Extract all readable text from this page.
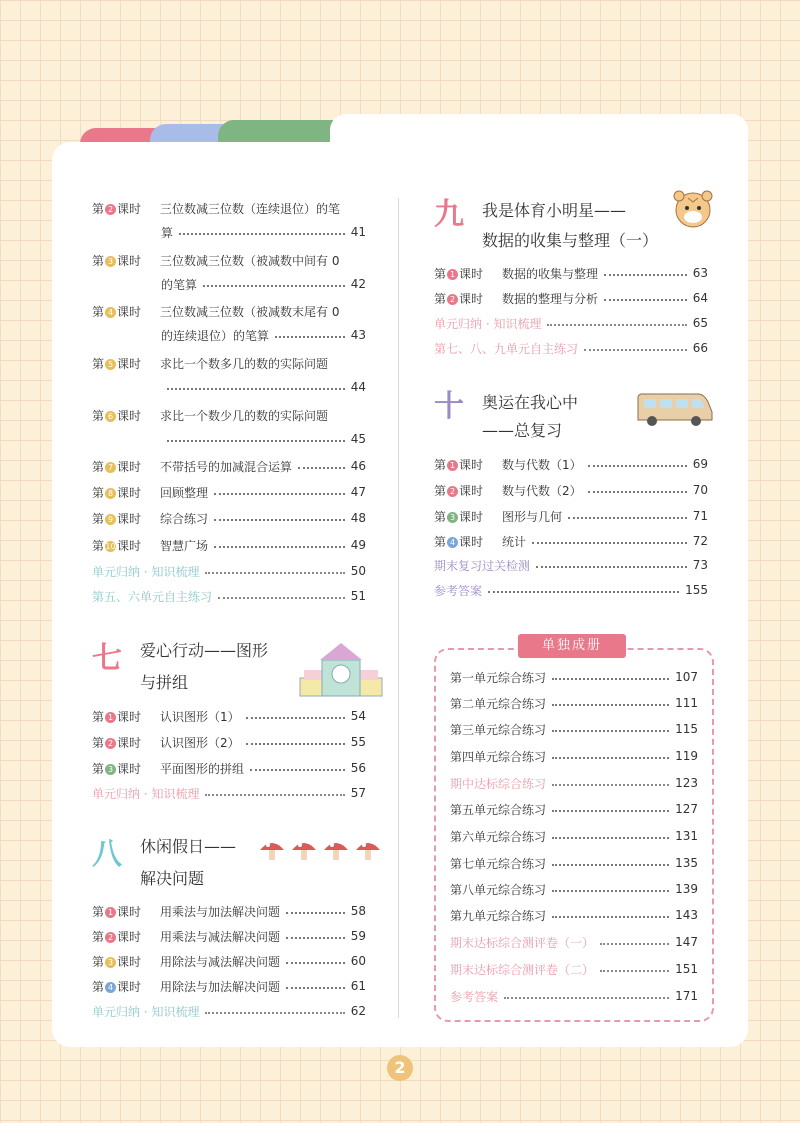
第 2 课时	三位数减三位数（连续退位）的笔
算	41
第 3 课时	三位数减三位数（被减数中间有 0
的笔算	42
第 4 课时	三位数减三位数（被减数末尾有 0
的连续退位）的笔算	43
第 5 课时	求比一个数多几的数的实际问题
44
第 6 课时	求比一个数少几的数的实际问题
45
第 7 课时	不带括号的加减混合运算	46
第 8 课时	回顾整理	47
第 9 课时	综合练习	48
第10课时	智慧广场	49
单元归纳 · 知识梳理	50
第五、六单元自主练习	51
七 爱心行动——图形
与拼组
第 1 课时	认识图形（1）	54
第 2 课时	认识图形（2）	55
第 3 课时	平面图形的拼组	56
单元归纳 · 知识梳理	57
八 休闲假日——
解决问题
第 1 课时	用乘法与加法解决问题	58
第 2 课时	用乘法与减法解决问题	59
第 3 课时	用除法与减法解决问题	60
第 4 课时	用除法与加法解决问题	61
单元归纳 · 知识梳理	62
九 我是体育小明星——
数据的收集与整理（一）
第 1 课时	数据的收集与整理	63
第 2 课时	数据的整理与分析	64
单元归纳 · 知识梳理	65
第七、八、九单元自主练习	66
十 奥运在我心中
——总复习
第 1 课时	数与代数（1）	69
第 2 课时	数与代数（2）	70
第 3 课时	图形与几何	71
第 4 课时	统计	72
期末复习过关检测	73
参考答案	155
单独成册
第一单元综合练习	107
第二单元综合练习	111
第三单元综合练习	115
第四单元综合练习	119
期中达标综合练习	123
第五单元综合练习	127
第六单元综合练习	131
第七单元综合练习	135
第八单元综合练习	139
第九单元综合练习	143
期末达标综合测评卷（一）	147
期末达标综合测评卷（二）	151
参考答案	171
2
